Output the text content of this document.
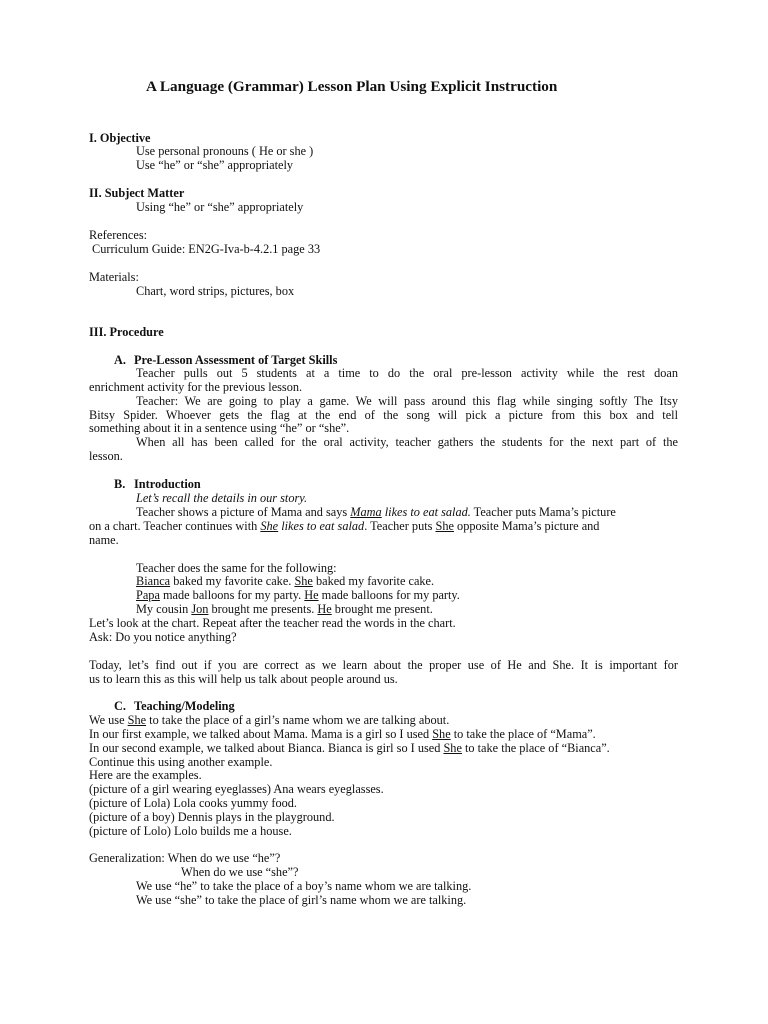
A Language (Grammar) Lesson Plan Using Explicit Instruction
I. Objective
Use personal pronouns ( He or she )
Use “he” or “she” appropriately
II. Subject Matter
Using “he” or “she” appropriately
References:
Curriculum Guide: EN2G-Iva-b-4.2.1 page 33
Materials:
Chart, word strips, pictures, box
III. Procedure
A. Pre-Lesson Assessment of Target Skills
Teacher pulls out 5 students at a time to do the oral pre-lesson activity while the rest doan
enrichment activity for the previous lesson.
Teacher: We are going to play a game. We will pass around this flag while singing softly The Itsy
Bitsy Spider. Whoever gets the flag at the end of the song will pick a picture from this box and tell
something about it in a sentence using “he” or “she”.
When all has been called for the oral activity, teacher gathers the students for the next part of the
lesson.
B. Introduction
Let’s recall the details in our story.
Teacher shows a picture of Mama and says Mama likes to eat salad. Teacher puts Mama’s picture
on a chart. Teacher continues with She likes to eat salad. Teacher puts She opposite Mama’s picture and
name.
Teacher does the same for the following:
Bianca baked my favorite cake. She baked my favorite cake.
Papa made balloons for my party. He made balloons for my party.
My cousin Jon brought me presents. He brought me present.
Let’s look at the chart. Repeat after the teacher read the words in the chart.
Ask: Do you notice anything?
Today, let’s find out if you are correct as we learn about the proper use of He and She. It is important for
us to learn this as this will help us talk about people around us.
C. Teaching/Modeling
We use She to take the place of a girl’s name whom we are talking about.
In our first example, we talked about Mama. Mama is a girl so I used She to take the place of “Mama”.
In our second example, we talked about Bianca. Bianca is girl so I used She to take the place of “Bianca”.
Continue this using another example.
Here are the examples.
(picture of a girl wearing eyeglasses) Ana wears eyeglasses.
(picture of Lola) Lola cooks yummy food.
(picture of a boy) Dennis plays in the playground.
(picture of Lolo) Lolo builds me a house.
Generalization: When do we use “he”?
When do we use “she”?
We use “he” to take the place of a boy’s name whom we are talking.
We use “she” to take the place of girl’s name whom we are talking.
